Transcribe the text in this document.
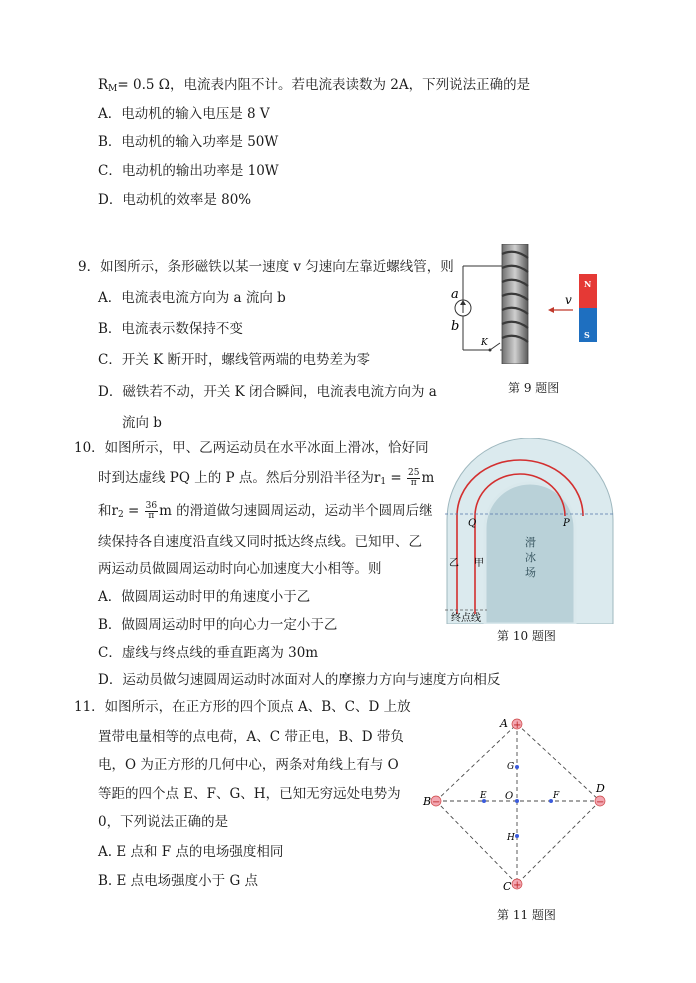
$R_M= 0.5$ Ω，电流表内阻不计。若电流表读数为 2A，下列说法正确的是
A．电动机的输入电压是 8 V
B．电动机的输入功率是 50W
C．电动机的输出功率是 10W
D．电动机的效率是 80%
9．如图所示，条形磁铁以某一速度 v 匀速向左靠近螺线管，则
A．电流表电流方向为 a 流向 b
B．电流表示数保持不变
C．开关 K 断开时，螺线管两端的电势差为零
D．磁铁若不动，开关 K 闭合瞬间，电流表电流方向为 a
流向 b
a
b
K
v
N
S
第 9 题图
10．如图所示，甲、乙两运动员在水平冰面上滑冰，恰好同
时到达虚线 PQ 上的 P 点。然后分别沿半径为$r_1 = \frac{25}{\pi}$ m
和$r_2 = \frac{36}{\pi}$ m 的滑道做匀速圆周运动，运动半个圆周后继
续保持各自速度沿直线又同时抵达终点线。已知甲、乙
两运动员做圆周运动时向心加速度大小相等。则
A．做圆周运动时甲的角速度小于乙
B．做圆周运动时甲的向心力一定小于乙
C．虚线与终点线的垂直距离为 30m
D．运动员做匀速圆周运动时冰面对人的摩擦力方向与速度方向相反
Q	P
乙 甲
滑
冰
场
终点线
第 10 题图
11．如图所示，在正方形的四个顶点 A、B、C、D 上放
置带电量相等的点电荷，A、C 带正电，B、D 带负
电，O 为正方形的几何中心，两条对角线上有与 O
等距的四个点 E、F、G、H，已知无穷远处电势为
0，下列说法正确的是
A. E 点和 F 点的电场强度相同
B. E 点电场强度小于 G 点
+
−
+
−
A
B
C
D
E	F
G
H
O
第 11 题图
